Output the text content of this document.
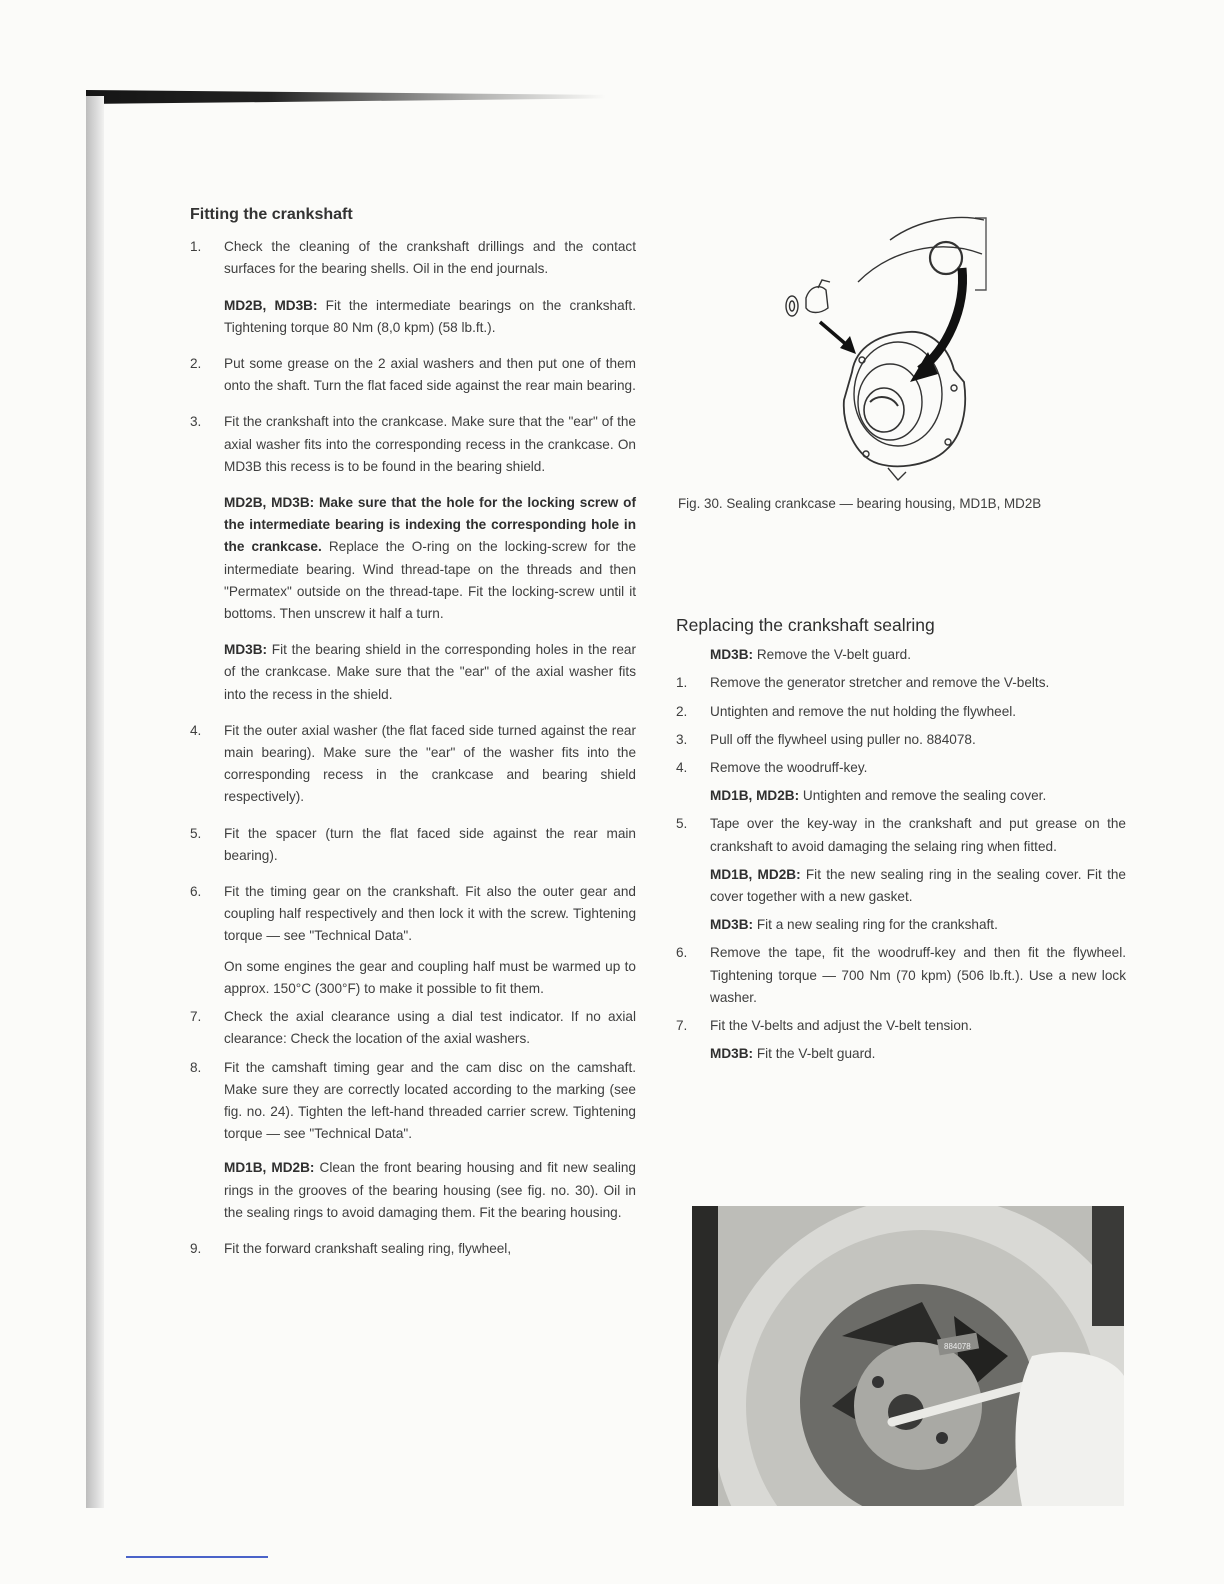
Fitting the crankshaft
1. Check the cleaning of the crankshaft drillings and the contact surfaces for the bearing shells. Oil in the end journals.
MD2B, MD3B: Fit the intermediate bearings on the crankshaft. Tightening torque 80 Nm (8,0 kpm) (58 lb.ft.).
2. Put some grease on the 2 axial washers and then put one of them onto the shaft. Turn the flat faced side against the rear main bearing.
3. Fit the crankshaft into the crankcase. Make sure that the "ear" of the axial washer fits into the corresponding recess in the crankcase. On MD3B this recess is to be found in the bearing shield.
MD2B, MD3B: Make sure that the hole for the locking screw of the intermediate bearing is indexing the corresponding hole in the crankcase. Replace the O-ring on the locking-screw for the intermediate bearing. Wind thread-tape on the threads and then "Permatex" outside on the thread-tape. Fit the locking-screw until it bottoms. Then unscrew it half a turn.
MD3B: Fit the bearing shield in the corresponding holes in the rear of the crankcase. Make sure that the "ear" of the axial washer fits into the recess in the shield.
4. Fit the outer axial washer (the flat faced side turned against the rear main bearing). Make sure the "ear" of the washer fits into the corresponding recess in the crankcase and bearing shield respectively).
5. Fit the spacer (turn the flat faced side against the rear main bearing).
6. Fit the timing gear on the crankshaft. Fit also the outer gear and coupling half respectively and then lock it with the screw. Tightening torque — see "Technical Data".
On some engines the gear and coupling half must be warmed up to approx. 150°C (300°F) to make it possible to fit them.
7. Check the axial clearance using a dial test indicator. If no axial clearance: Check the location of the axial washers.
8. Fit the camshaft timing gear and the cam disc on the camshaft. Make sure they are correctly located according to the marking (see fig. no. 24). Tighten the left-hand threaded carrier screw. Tightening torque — see "Technical Data".
MD1B, MD2B: Clean the front bearing housing and fit new sealing rings in the grooves of the bearing housing (see fig. no. 30). Oil in the sealing rings to avoid damaging them. Fit the bearing housing.
9. Fit the forward crankshaft sealing ring, flywheel,
Fig. 30. Sealing crankcase — bearing housing, MD1B, MD2B
Replacing the crankshaft sealring
MD3B: Remove the V-belt guard.
1. Remove the generator stretcher and remove the V-belts.
2. Untighten and remove the nut holding the flywheel.
3. Pull off the flywheel using puller no. 884078.
4. Remove the woodruff-key.
MD1B, MD2B: Untighten and remove the sealing cover.
5. Tape over the key-way in the crankshaft and put grease on the crankshaft to avoid damaging the selaing ring when fitted.
MD1B, MD2B: Fit the new sealing ring in the sealing cover. Fit the cover together with a new gasket.
MD3B: Fit a new sealing ring for the crankshaft.
6. Remove the tape, fit the woodruff-key and then fit the flywheel. Tightening torque — 700 Nm (70 kpm) (506 lb.ft.). Use a new lock washer.
7. Fit the V-belts and adjust the V-belt tension.
MD3B: Fit the V-belt guard.
884078
